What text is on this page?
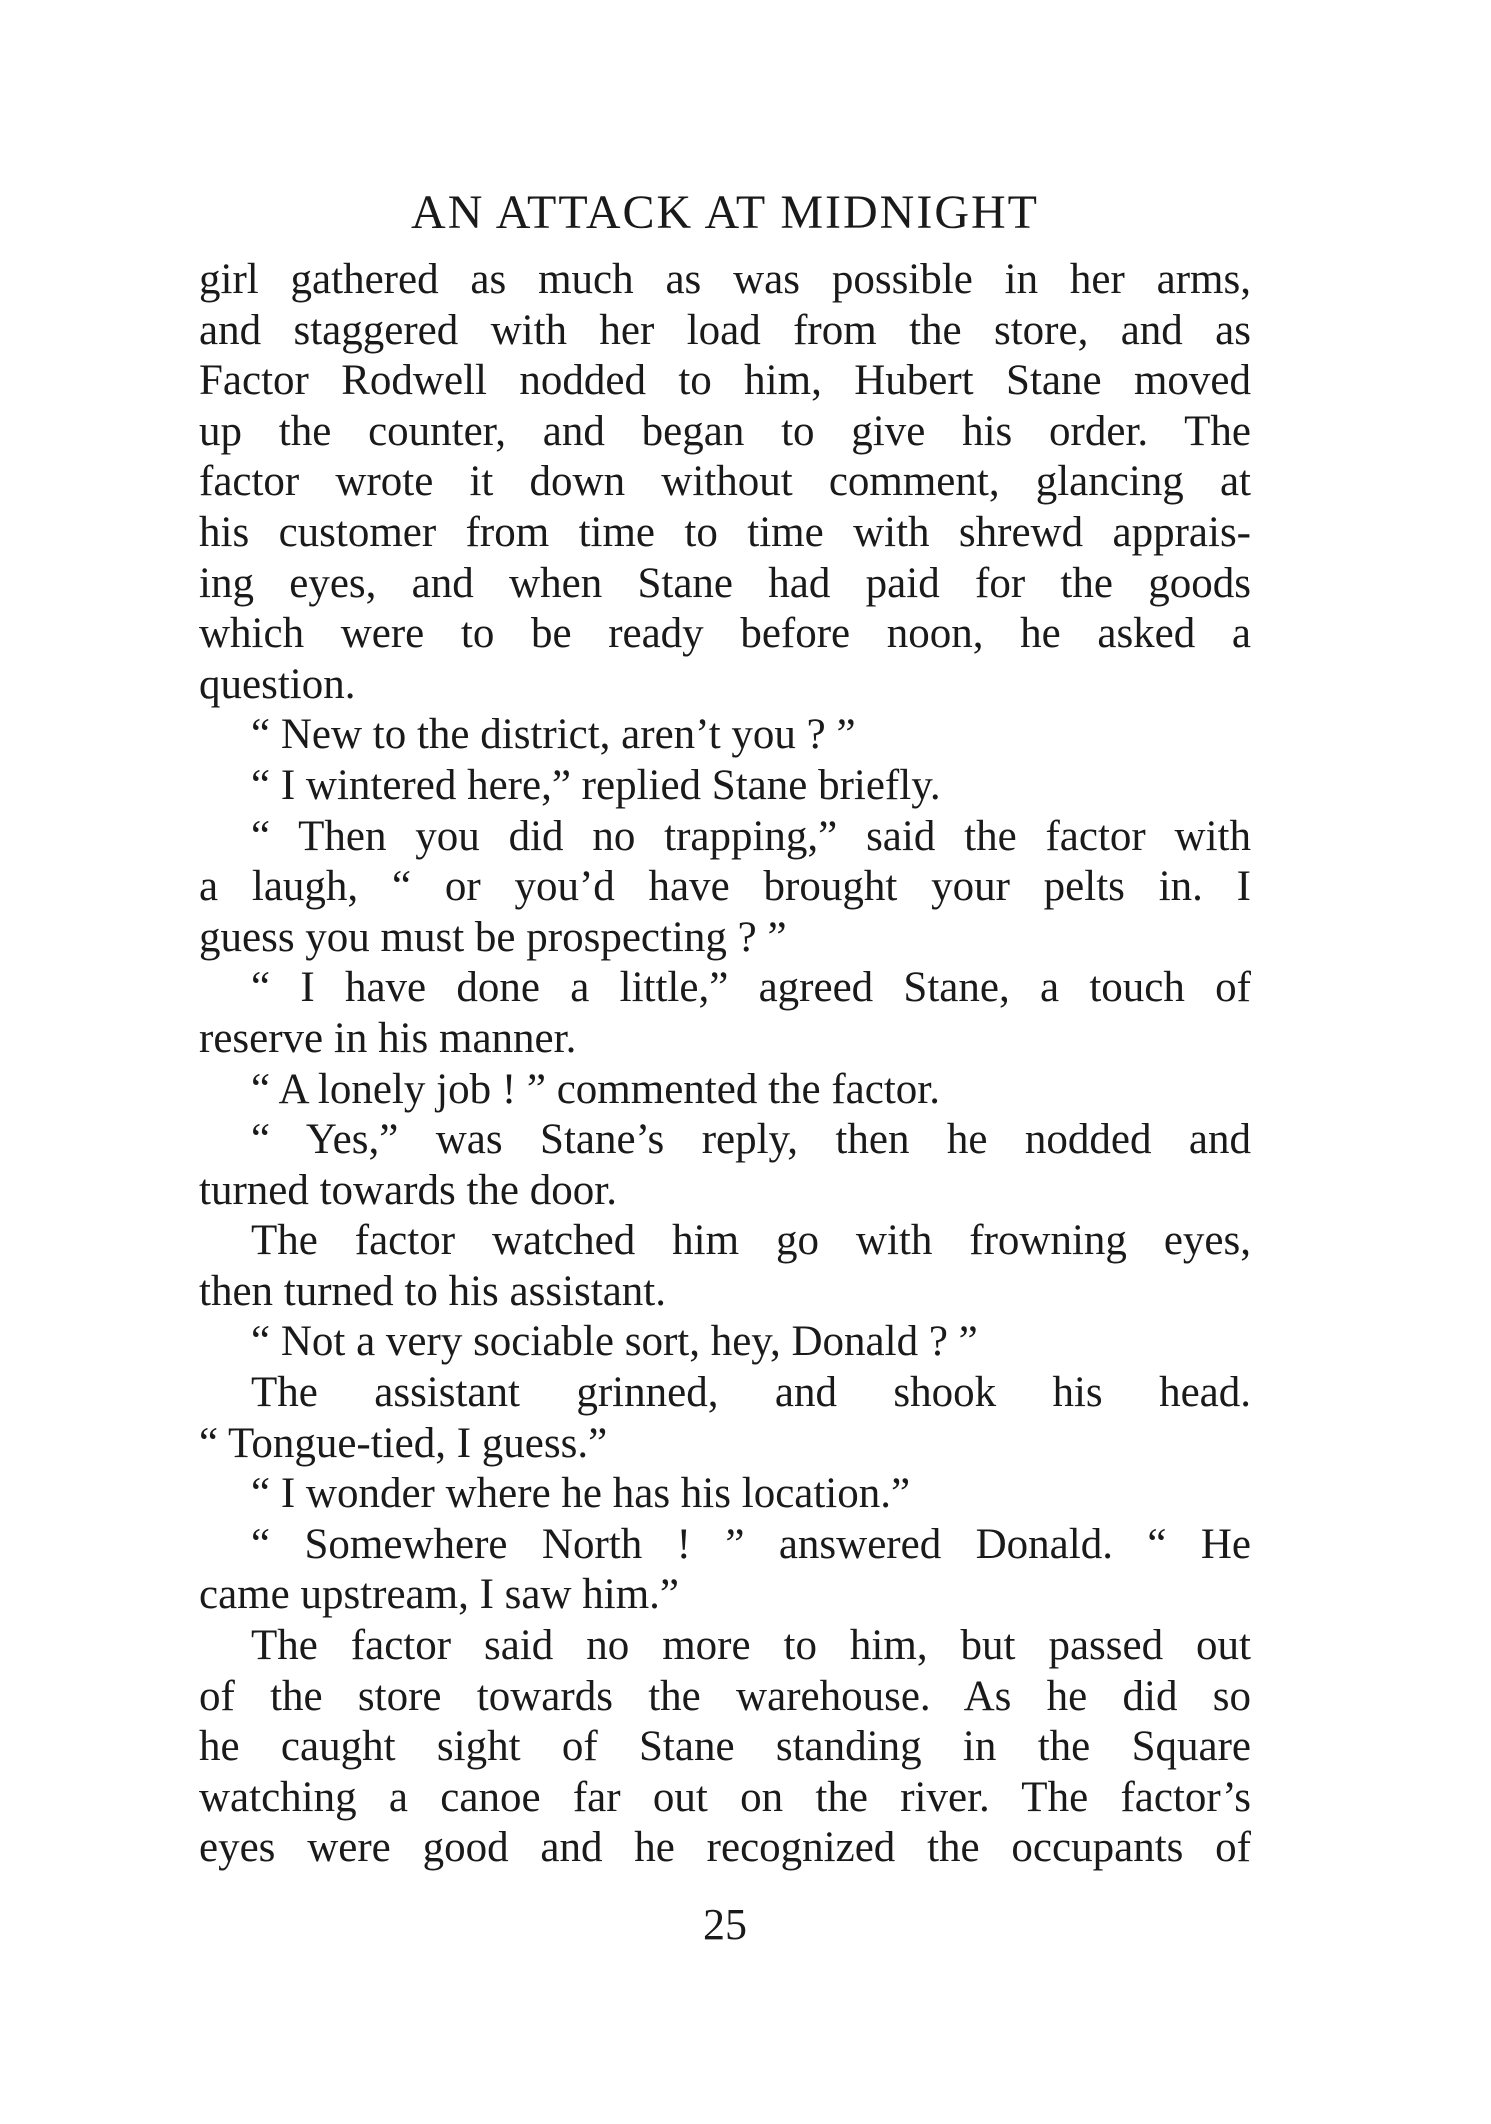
AN ATTACK AT MIDNIGHT
girl gathered as much as was possible in her arms,
and staggered with her load from the store, and as
Factor Rodwell nodded to him, Hubert Stane moved
up the counter, and began to give his order. The
factor wrote it down without comment, glancing at
his customer from time to time with shrewd apprais-
ing eyes, and when Stane had paid for the goods
which were to be ready before noon, he asked a
question.
“ New to the district, aren’t you ? ”
“ I wintered here,” replied Stane briefly.
“ Then you did no trapping,” said the factor with
a laugh, “ or you’d have brought your pelts in. I
guess you must be prospecting ? ”
“ I have done a little,” agreed Stane, a touch of
reserve in his manner.
“ A lonely job ! ” commented the factor.
“ Yes,” was Stane’s reply, then he nodded and
turned towards the door.
The factor watched him go with frowning eyes,
then turned to his assistant.
“ Not a very sociable sort, hey, Donald ? ”
The assistant grinned, and shook his head.
“ Tongue-tied, I guess.”
“ I wonder where he has his location.”
“ Somewhere North ! ” answered Donald. “ He
came upstream, I saw him.”
The factor said no more to him, but passed out
of the store towards the warehouse. As he did so
he caught sight of Stane standing in the Square
watching a canoe far out on the river. The factor’s
eyes were good and he recognized the occupants of
25
